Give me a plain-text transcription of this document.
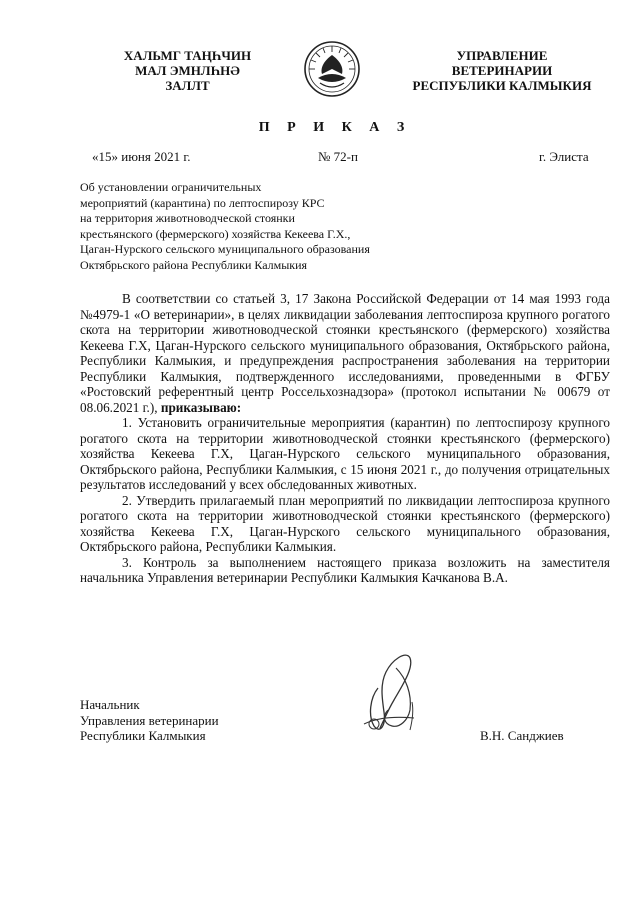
ХАЛЬМГ ТАҢҺЧИН
МАЛ ЭМНЛҺНӘ
ЗАЛЛТ
УПРАВЛЕНИЕ
ВЕТЕРИНАРИИ
РЕСПУБЛИКИ КАЛМЫКИЯ
П Р И К А З
«15» июня 2021 г.	№ 72-п	г. Элиста
Об установлении ограничительных
мероприятий (карантина) по лептоспирозу КРС
на территория животноводческой стоянки
крестьянского (фермерского) хозяйства Кекеева Г.Х.,
Цаган-Нурского сельского муниципального образования
Октябрьского района Республики Калмыкия

В соответствии со статьей 3, 17 Закона Российской Федерации от 14 мая 1993 года №4979-1 «О ветеринарии», в целях ликвидации заболевания лептоспироза крупного рогатого скота на территории животноводческой стоянки крестьянского (фермерского) хозяйства Кекеева Г.Х, Цаган-Нурского сельского муниципального образования, Октябрьского района, Республики Калмыкия, и предупреждения распространения заболевания на территории Республики Калмыкия, подтвержденного исследованиями, проведенными в ФГБУ «Ростовский референтный центр Россельхознадзора» (протокол испытании № 00679 от 08.06.2021 г.), приказываю:

1. Установить ограничительные мероприятия (карантин) по лептоспирозу крупного рогатого скота на территории животноводческой стоянки крестьянского (фермерского) хозяйства Кекеева Г.Х, Цаган-Нурского сельского муниципального образования, Октябрьского района, Республики Калмыкия, с 15 июня 2021 г., до получения отрицательных результатов исследований у всех обследованных животных.

2. Утвердить прилагаемый план мероприятий по ликвидации лептоспироза крупного рогатого скота на территории животноводческой стоянки крестьянского (фермерского) хозяйства Кекеева Г.Х, Цаган-Нурского сельского муниципального образования, Октябрьского района, Республики Калмыкия.

3. Контроль за выполнением настоящего приказа возложить на заместителя начальника Управления ветеринарии Республики Калмыкия Качканова В.А.

Начальник
Управления ветеринарии
Республики Калмыкия	В.Н. Санджиев
